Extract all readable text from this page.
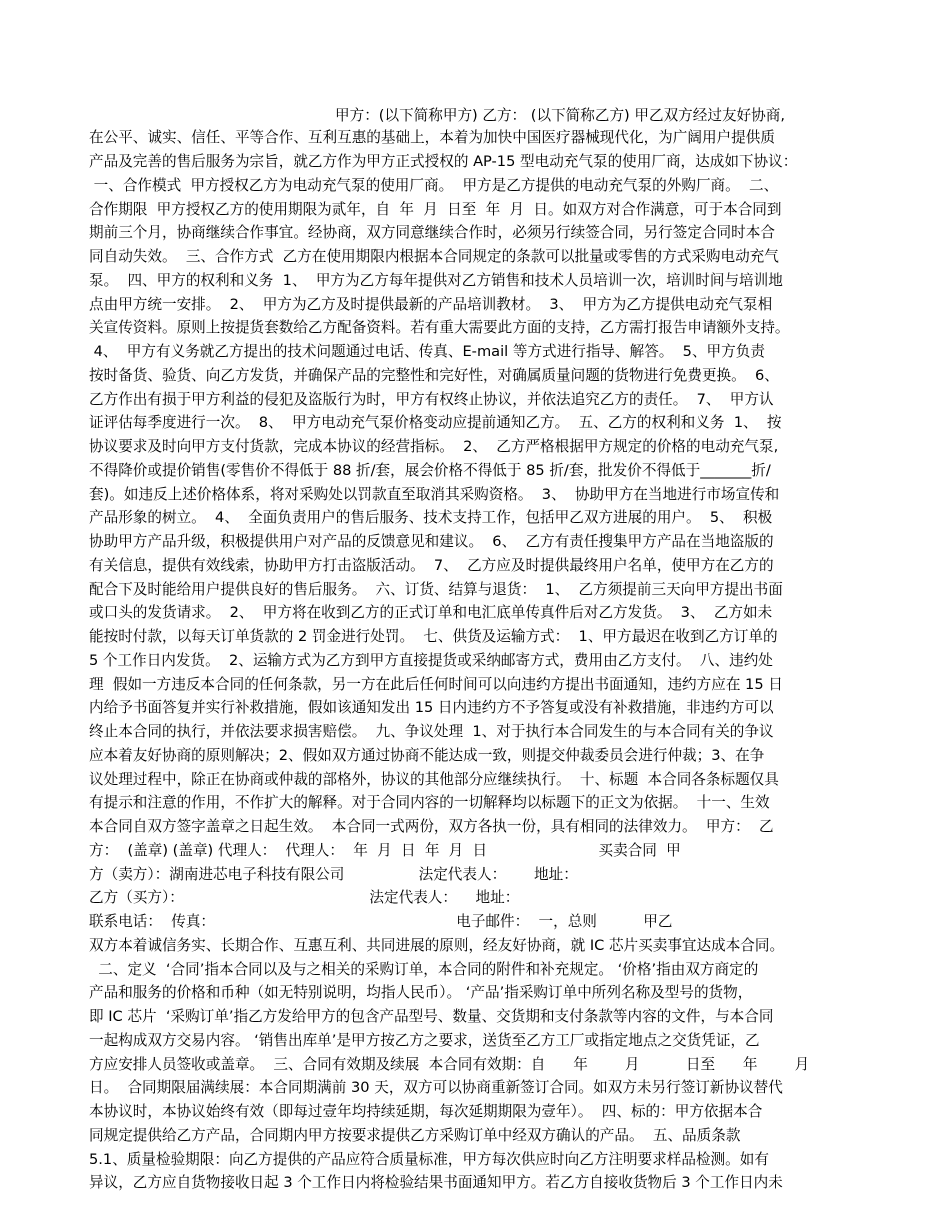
甲方：(以下简称甲方) 乙方： (以下简称乙方) 甲乙双方经过友好协商,
在公平、诚实、信任、平等合作、互利互惠的基础上，本着为加快中国医疗器械现代化，为广阔用户提供质
产品及完善的售后服务为宗旨，就乙方作为甲方正式授权的 AP-15 型电动充气泵的使用厂商，达成如下协议：
一、合作模式  甲方授权乙方为电动充气泵的使用厂商。  甲方是乙方提供的电动充气泵的外购厂商。  二、
合作期限  甲方授权乙方的使用期限为贰年，自  年  月  日至  年  月  日。如双方对合作满意，可于本合同到
期前三个月，协商继续合作事宜。经协商，双方同意继续合作时，必须另行续签合同，另行签定合同时本合
同自动失效。  三、合作方式  乙方在使用期限内根据本合同规定的条款可以批量或零售的方式采购电动充气
泵。  四、甲方的权利和义务  1、  甲方为乙方每年提供对乙方销售和技术人员培训一次，培训时间与培训地
点由甲方统一安排。  2、  甲方为乙方及时提供最新的产品培训教材。  3、  甲方为乙方提供电动充气泵相
关宣传资料。原则上按提货套数给乙方配备资料。若有重大需要此方面的支持，乙方需打报告申请额外支持。
4、  甲方有义务就乙方提出的技术问题通过电话、传真、E-mail 等方式进行指导、解答。  5、甲方负责
按时备货、验货、向乙方发货，并确保产品的完整性和完好性，对确属质量问题的货物进行免费更换。  6、
乙方作出有损于甲方利益的侵犯及盗版行为时，甲方有权终止协议，并依法追究乙方的责任。  7、  甲方认
证评估每季度进行一次。  8、  甲方电动充气泵价格变动应提前通知乙方。  五、乙方的权利和义务  1、  按
协议要求及时向甲方支付货款，完成本协议的经营指标。  2、  乙方严格根据甲方规定的价格的电动充气泵,
不得降价或提价销售(零售价不得低于 88 折/套，展会价格不得低于 85 折/套，批发价不得低于_______折/
套)。如违反上述价格体系，将对采购处以罚款直至取消其采购资格。  3、  协助甲方在当地进行市场宣传和
产品形象的树立。  4、  全面负责用户的售后服务、技术支持工作，包括甲乙双方进展的用户。  5、  积极
协助甲方产品升级，积极提供用户对产品的反馈意见和建议。  6、  乙方有责任搜集甲方产品在当地盗版的
有关信息，提供有效线索，协助甲方打击盗版活动。  7、  乙方应及时提供最终用户名单，使甲方在乙方的
配合下及时能给用户提供良好的售后服务。  六、订货、结算与退货：  1、  乙方须提前三天向甲方提出书面
或口头的发货请求。  2、  甲方将在收到乙方的正式订单和电汇底单传真件后对乙方发货。  3、  乙方如未
能按时付款，以每天订单货款的 2 罚金进行处罚。  七、供货及运输方式：  1、甲方最迟在收到乙方订单的
5 个工作日内发货。  2、运输方式为乙方到甲方直接提货或采纳邮寄方式，费用由乙方支付。  八、违约处
理  假如一方违反本合同的任何条款，另一方在此后任何时间可以向违约方提出书面通知，违约方应在 15 日
内给予书面答复并实行补救措施，假如该通知发出 15 日内违约方不予答复或没有补救措施，非违约方可以
终止本合同的执行，并依法要求损害赔偿。  九、争议处理  1、对于执行本合同发生的与本合同有关的争议
应本着友好协商的原则解决；2、假如双方通过协商不能达成一致，则提交仲裁委员会进行仲裁；3、在争
议处理过程中，除正在协商或仲裁的部格外，协议的其他部分应继续执行。  十、标题  本合同各条标题仅具
有提示和注意的作用，不作扩大的解释。对于合同内容的一切解释均以标题下的正文为依据。  十一、生效
本合同自双方签字盖章之日起生效。  本合同一式两份，双方各执一份，具有相同的法律效力。  甲方：  乙
方：  (盖章) (盖章) 代理人：  代理人：  年  月  日  年  月  日                        买卖合同  甲
方（卖方）：湖南进芯电子科技有限公司                法定代表人：      地址：
乙方（买方）：                                        法定代表人：    地址：
联系电话：  传真：                                                    电子邮件：  一，总则          甲乙
双方本着诚信务实、长期合作、互惠互利、共同进展的原则，经友好协商，就 IC 芯片买卖事宜达成本合同。
二、定义  ‘合同’指本合同以及与之相关的采购订单，本合同的附件和补充规定。 ‘价格’指由双方商定的
产品和服务的价格和币种（如无特别说明，均指人民币）。 ‘产品’指采购订单中所列名称及型号的货物，
即 IC 芯片  ‘采购订单’指乙方发给甲方的包含产品型号、数量、交货期和支付条款等内容的文件，与本合同
一起构成双方交易内容。 ‘销售出库单’是甲方按乙方之要求，送货至乙方工厂或指定地点之交货凭证，乙
方应安排人员签收或盖章。  三、合同有效期及续展  本合同有效期：自      年        月          日至      年        月
日。  合同期限届满续展：本合同期满前 30 天，双方可以协商重新签订合同。如双方未另行签订新协议替代
本协议时，本协议始终有效（即每过壹年均持续延期，每次延期期限为壹年）。  四、标的：甲方依据本合
同规定提供给乙方产品，合同期内甲方按要求提供乙方采购订单中经双方确认的产品。  五、品质条款
5.1、质量检验期限：向乙方提供的产品应符合质量标准，甲方每次供应时向乙方注明要求样品检测。如有
异议，乙方应自货物接收日起 3 个工作日内将检验结果书面通知甲方。若乙方自接收货物后 3 个工作日内未
